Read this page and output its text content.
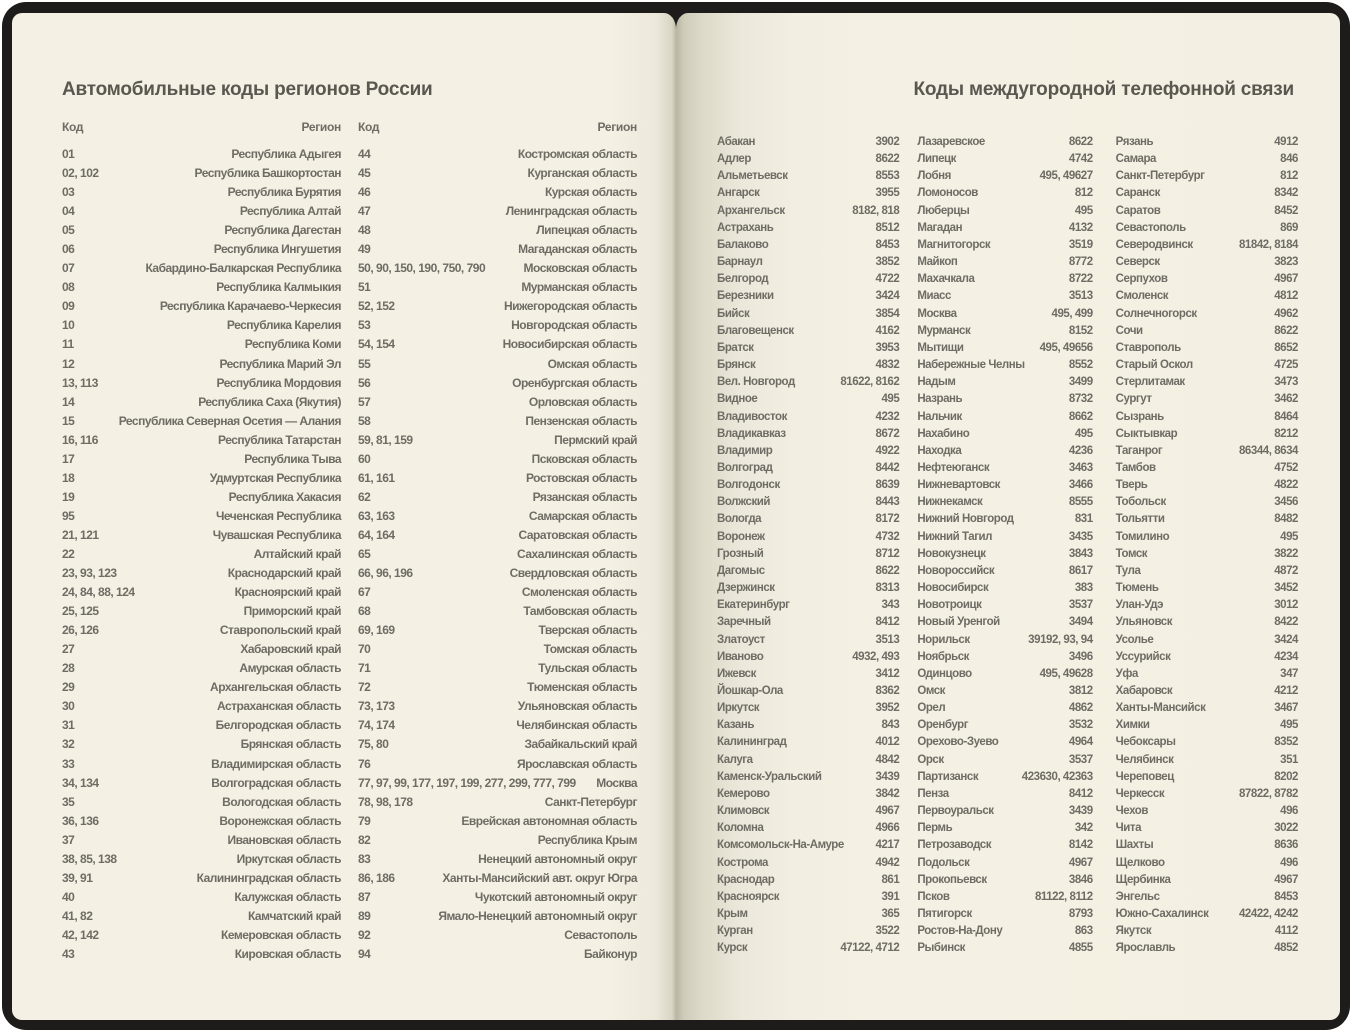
Автомобильные коды регионов России
Код	Регион
01	Республика Адыгея
02, 102	Республика Башкортостан
03	Республика Бурятия
04	Республика Алтай
05	Республика Дагестан
06	Республика Ингушетия
07	Кабардино-Балкарская Республика
08	Республика Калмыкия
09	Республика Карачаево-Черкесия
10	Республика Карелия
11	Республика Коми
12	Республика Марий Эл
13, 113	Республика Мордовия
14	Республика Саха (Якутия)
15	Республика Северная Осетия — Алания
16, 116	Республика Татарстан
17	Республика Тыва
18	Удмуртская Республика
19	Республика Хакасия
95	Чеченская Республика
21, 121	Чувашская Республика
22	Алтайский край
23, 93, 123	Краснодарский край
24, 84, 88, 124	Красноярский край
25, 125	Приморский край
26, 126	Ставропольский край
27	Хабаровский край
28	Амурская область
29	Архангельская область
30	Астраханская область
31	Белгородская область
32	Брянская область
33	Владимирская область
34, 134	Волгоградская область
35	Вологодская область
36, 136	Воронежская область
37	Ивановская область
38, 85, 138	Иркутская область
39, 91	Калининградская область
40	Калужская область
41, 82	Камчатский край
42, 142	Кемеровская область
43	Кировская область
Код	Регион
44	Костромская область
45	Курганская область
46	Курская область
47	Ленинградская область
48	Липецкая область
49	Магаданская область
50, 90, 150, 190, 750, 790	Московская область
51	Мурманская область
52, 152	Нижегородская область
53	Новгородская область
54, 154	Новосибирская область
55	Омская область
56	Оренбургская область
57	Орловская область
58	Пензенская область
59, 81, 159	Пермский край
60	Псковская область
61, 161	Ростовская область
62	Рязанская область
63, 163	Самарская область
64, 164	Саратовская область
65	Сахалинская область
66, 96, 196	Свердловская область
67	Смоленская область
68	Тамбовская область
69, 169	Тверская область
70	Томская область
71	Тульская область
72	Тюменская область
73, 173	Ульяновская область
74, 174	Челябинская область
75, 80	Забайкальский край
76	Ярославская область
77, 97, 99, 177, 197, 199, 277, 299, 777, 799 Москва
78, 98, 178	Санкт-Петербург
79	Еврейская автономная область
82	Республика Крым
83	Ненецкий автономный округ
86, 186	Ханты-Мансийский авт. округ Югра
87	Чукотский автономный округ
89	Ямало-Ненецкий автономный округ
92	Севастополь
94	Байконур
Коды междугородной телефонной связи
Абакан	3902
Адлер	8622
Альметьевск	8553
Ангарск	3955
Архангельск	8182, 818
Астрахань	8512
Балаково	8453
Барнаул	3852
Белгород	4722
Березники	3424
Бийск	3854
Благовещенск	4162
Братск	3953
Брянск	4832
Вел. Новгород	81622, 8162
Видное	495
Владивосток	4232
Владикавказ	8672
Владимир	4922
Волгоград	8442
Волгодонск	8639
Волжский	8443
Вологда	8172
Воронеж	4732
Грозный	8712
Дагомыс	8622
Дзержинск	8313
Екатеринбург	343
Заречный	8412
Златоуст	3513
Иваново	4932, 493
Ижевск	3412
Йошкар-Ола	8362
Иркутск	3952
Казань	843
Калининград	4012
Калуга	4842
Каменск-Уральский	3439
Кемерово	3842
Климовск	4967
Коломна	4966
Комсомольск-На-Амуре	4217
Кострома	4942
Краснодар	861
Красноярск	391
Крым	365
Курган	3522
Курск	47122, 4712
Лазаревское	8622
Липецк	4742
Лобня	495, 49627
Ломоносов	812
Люберцы	495
Магадан	4132
Магнитогорск	3519
Майкоп	8772
Махачкала	8722
Миасс	3513
Москва	495, 499
Мурманск	8152
Мытищи	495, 49656
Набережные Челны	8552
Надым	3499
Назрань	8732
Нальчик	8662
Нахабино	495
Находка	4236
Нефтеюганск	3463
Нижневартовск	3466
Нижнекамск	8555
Нижний Новгород	831
Нижний Тагил	3435
Новокузнецк	3843
Новороссийск	8617
Новосибирск	383
Новотроицк	3537
Новый Уренгой	3494
Норильск	39192, 93, 94
Ноябрьск	3496
Одинцово	495, 49628
Омск	3812
Орел	4862
Оренбург	3532
Орехово-Зуево	4964
Орск	3537
Партизанск	423630, 42363
Пенза	8412
Первоуральск	3439
Пермь	342
Петрозаводск	8142
Подольск	4967
Прокопьевск	3846
Псков	81122, 8112
Пятигорск	8793
Ростов-На-Дону	863
Рыбинск	4855
Рязань	4912
Самара	846
Санкт-Петербург	812
Саранск	8342
Саратов	8452
Севастополь	869
Северодвинск	81842, 8184
Северск	3823
Серпухов	4967
Смоленск	4812
Солнечногорск	4962
Сочи	8622
Ставрополь	8652
Старый Оскол	4725
Стерлитамак	3473
Сургут	3462
Сызрань	8464
Сыктывкар	8212
Таганрог	86344, 8634
Тамбов	4752
Тверь	4822
Тобольск	3456
Тольятти	8482
Томилино	495
Томск	3822
Тула	4872
Тюмень	3452
Улан-Удэ	3012
Ульяновск	8422
Усолье	3424
Уссурийск	4234
Уфа	347
Хабаровск	4212
Ханты-Мансийск	3467
Химки	495
Чебоксары	8352
Челябинск	351
Череповец	8202
Черкесск	87822, 8782
Чехов	496
Чита	3022
Шахты	8636
Щелково	496
Щербинка	4967
Энгельс	8453
Южно-Сахалинск	42422, 4242
Якутск	4112
Ярославль	4852
